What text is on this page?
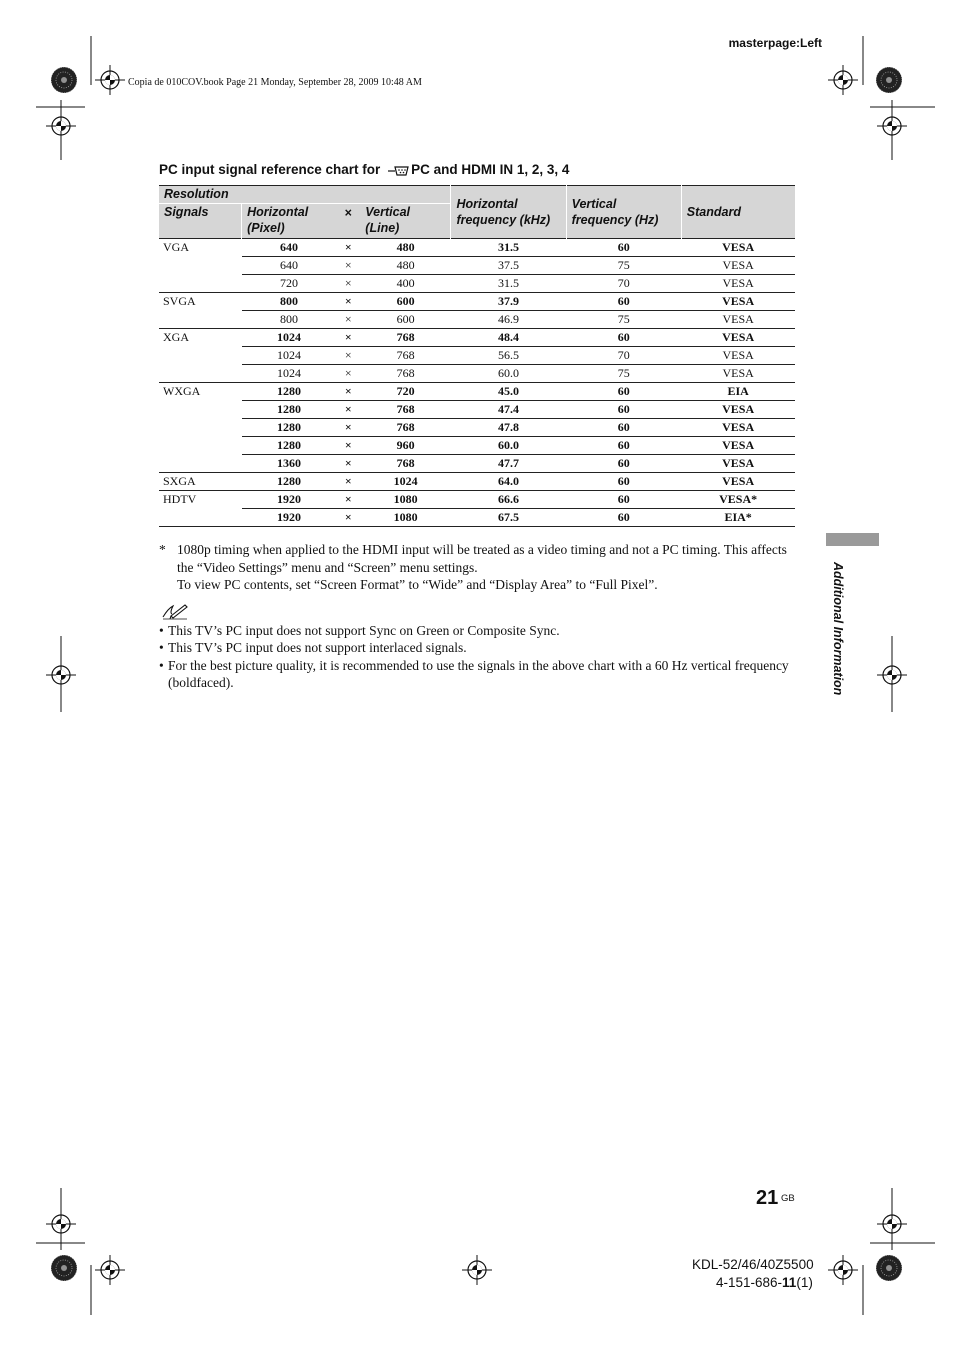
masterpage:Left
Copia de 010COV.book Page 21 Monday, September 28, 2009 10:48 AM
PC input signal reference chart for PC and HDMI IN 1, 2, 3, 4
Resolution				Horizontal frequency (kHz)	Vertical frequency (Hz)	Standard
Signals	Horizontal (Pixel)	×	Vertical (Line)			
VGA	640	×	480	31.5	60	VESA
	640	×	480	37.5	75	VESA
	720	×	400	31.5	70	VESA
SVGA	800	×	600	37.9	60	VESA
	800	×	600	46.9	75	VESA
XGA	1024	×	768	48.4	60	VESA
	1024	×	768	56.5	70	VESA
	1024	×	768	60.0	75	VESA
WXGA	1280	×	720	45.0	60	EIA
	1280	×	768	47.4	60	VESA
	1280	×	768	47.8	60	VESA
	1280	×	960	60.0	60	VESA
	1360	×	768	47.7	60	VESA
SXGA	1280	×	1024	64.0	60	VESA
HDTV	1920	×	1080	66.6	60	VESA*
	1920	×	1080	67.5	60	EIA*
* 1080p timing when applied to the HDMI input will be treated as a video timing and not a PC timing. This affects the “Video Settings” menu and “Screen” menu settings.
To view PC contents, set “Screen Format” to “Wide” and “Display Area” to “Full Pixel”.

• This TV’s PC input does not support Sync on Green or Composite Sync.

• This TV’s PC input does not support interlaced signals.

• For the best picture quality, it is recommended to use the signals in the above chart with a 60 Hz vertical frequency (boldfaced).	Additional Information
21 GB
KDL-52/46/40Z5500
4-151-686-11(1)
